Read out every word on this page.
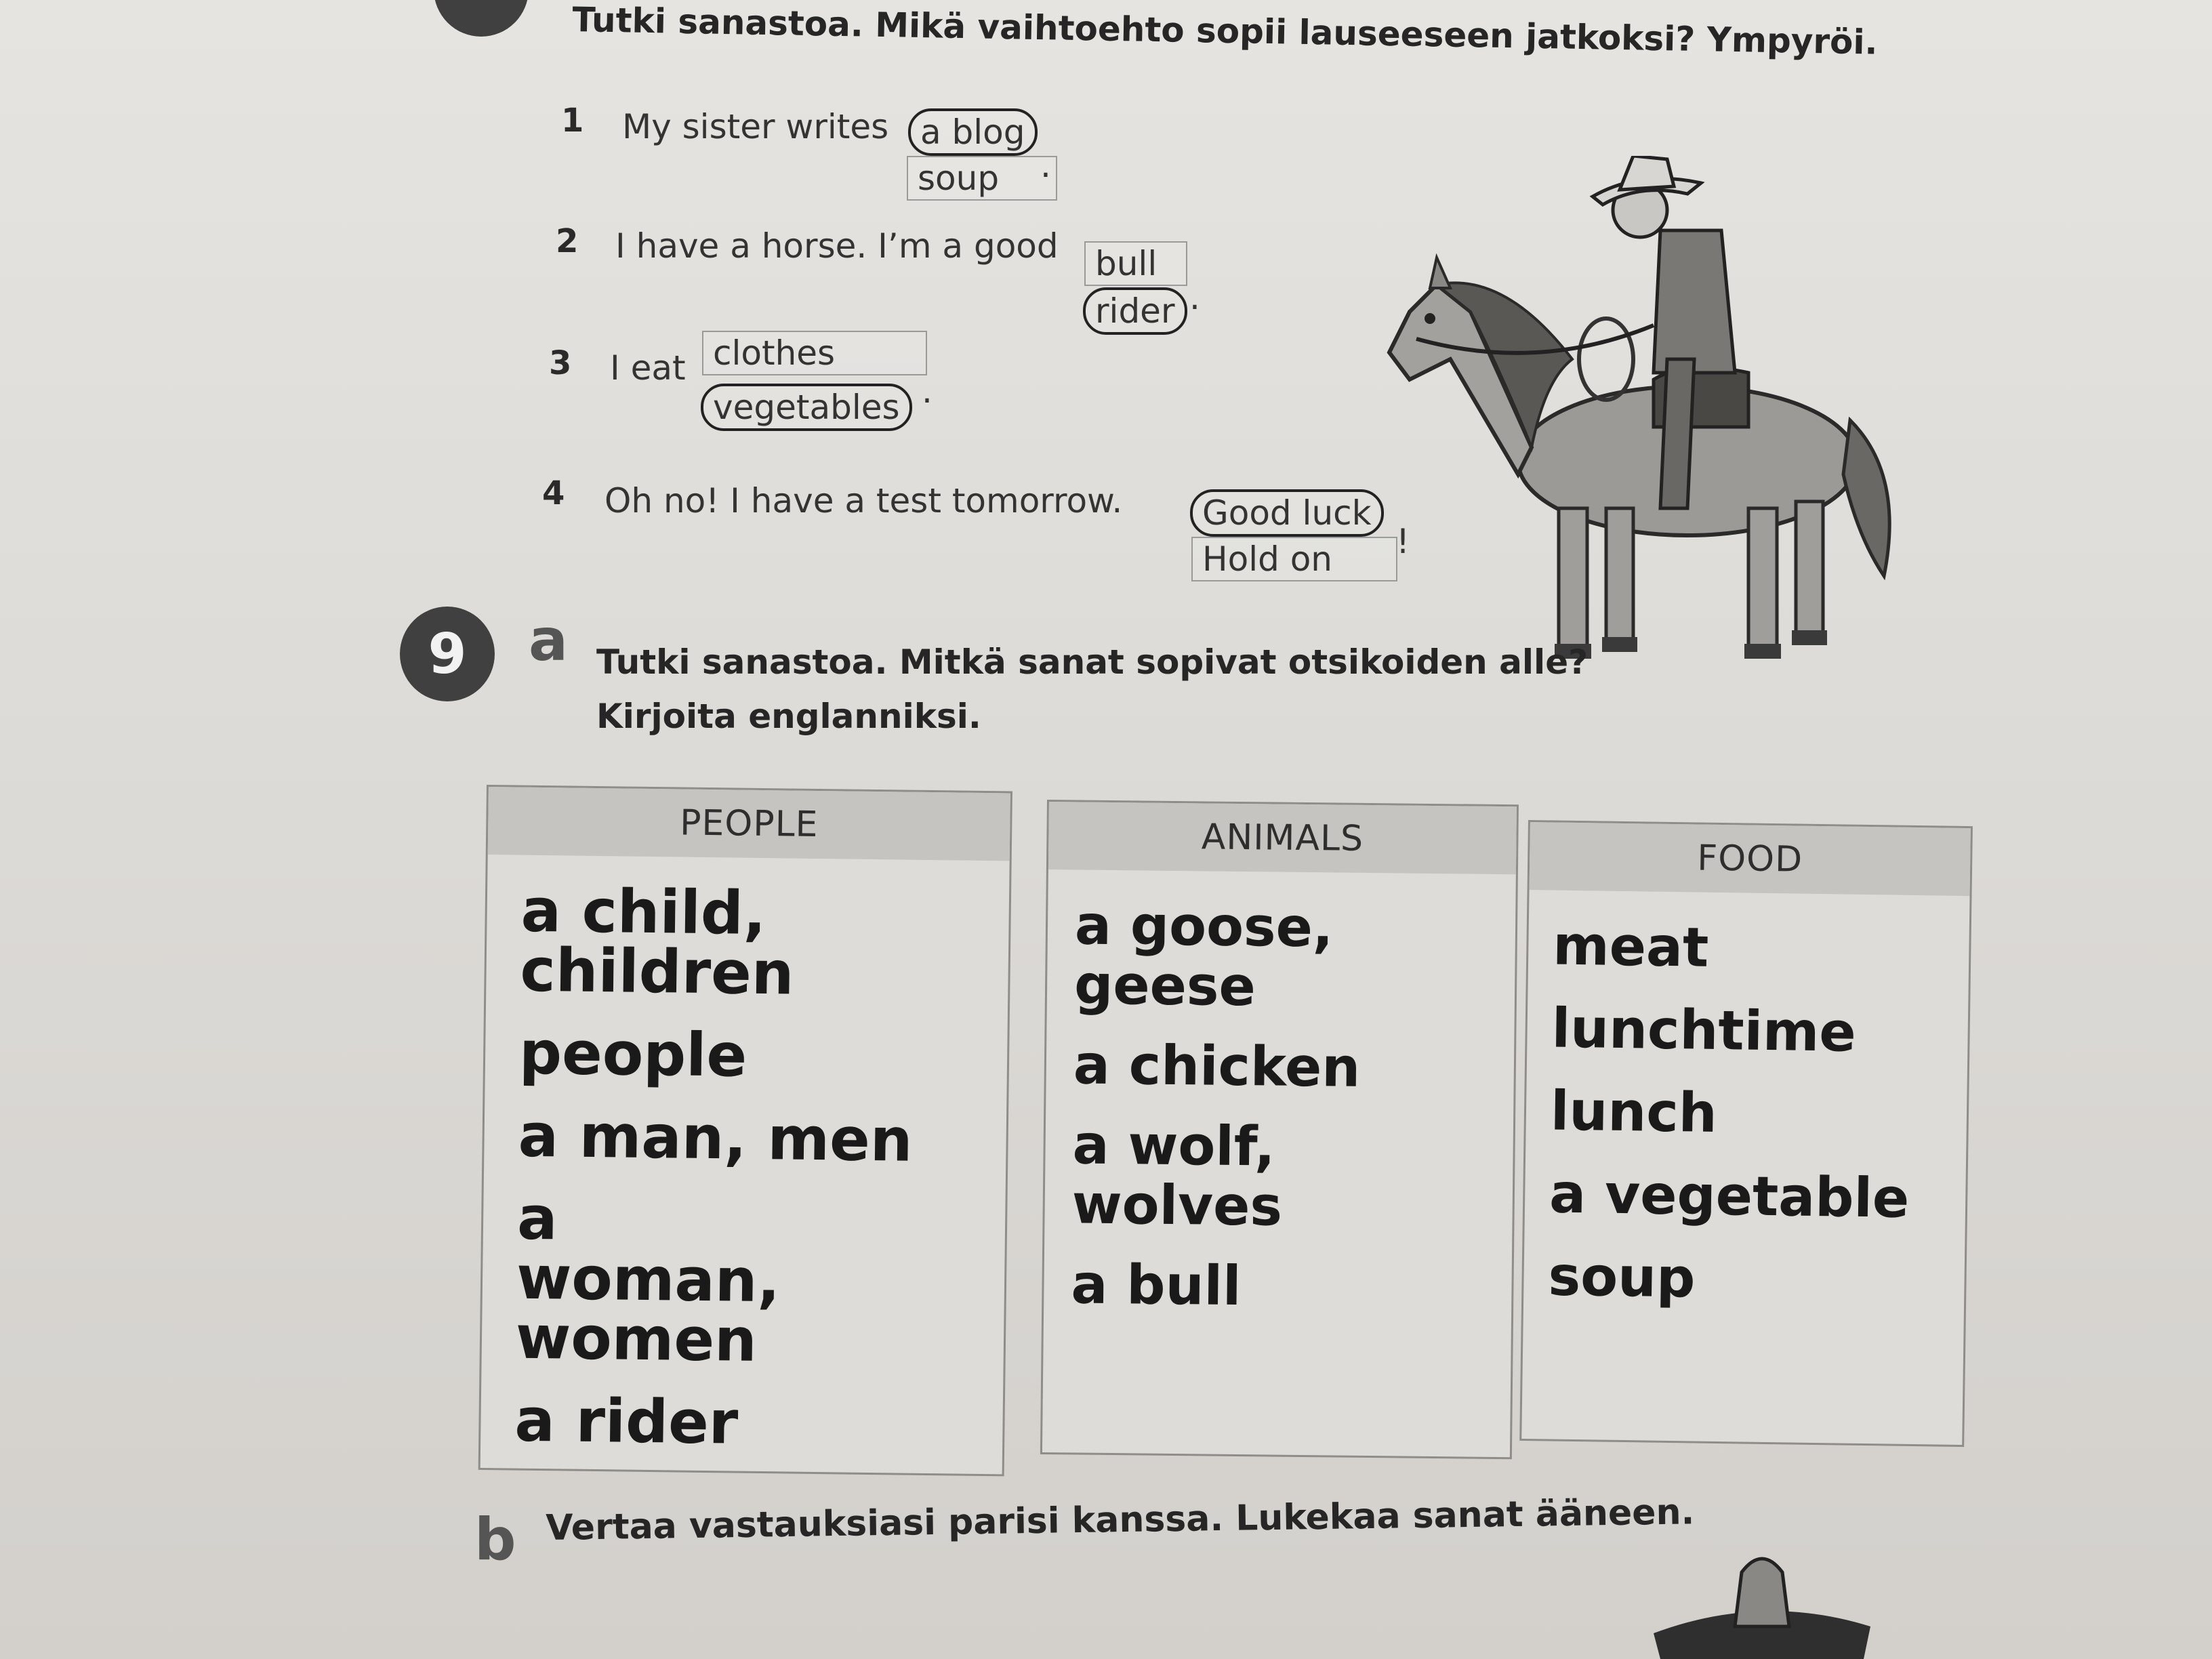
Tutki sanastoa. Mikä vaihtoehto sopii lauseeseen jatkoksi? Ympyröi.
1 My sister writes a blog
soup	.
2 I have a horse. I’m a good	bull
rider .
3 I eat clothes
vegetables .
4 Oh no! I have a test tomorrow.	Good luck
Hold on	!
9	a Tutki sanastoa. Mitkä sanat sopivat otsikoiden alle?
Kirjoita englanniksi.
PEOPLE
a child, children
people
a man, men
a woman, women
a rider
ANIMALS
a goose, geese
a chicken
a wolf, wolves
a bull
FOOD
meat
lunchtime
lunch
a vegetable
soup
b Vertaa vastauksiasi parisi kanssa. Lukekaa sanat ääneen.
